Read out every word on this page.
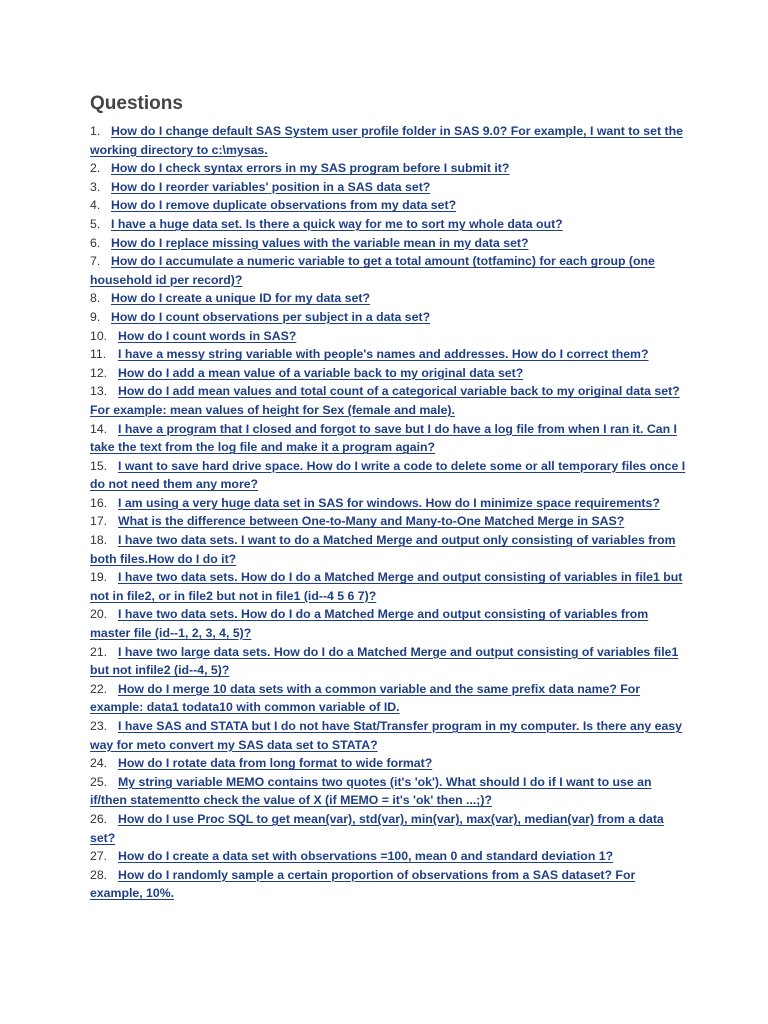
Questions
1. How do I change default SAS System user profile folder in SAS 9.0? For example, I want to set the working directory to c:\mysas.
2. How do I check syntax errors in my SAS program before I submit it?
3. How do I reorder variables' position in a SAS data set?
4. How do I remove duplicate observations from my data set?
5. I have a huge data set. Is there a quick way for me to sort my whole data out?
6. How do I replace missing values with the variable mean in my data set?
7. How do I accumulate a numeric variable to get a total amount (totfaminc) for each group (one household id per record)?
8. How do I create a unique ID for my data set?
9. How do I count observations per subject in a data set?
10. How do I count words in SAS?
11. I have a messy string variable with people's names and addresses. How do I correct them?
12. How do I add a mean value of a variable back to my original data set?
13. How do I add mean values and total count of a categorical variable back to my original data set? For example: mean values of height for Sex (female and male).
14. I have a program that I closed and forgot to save but I do have a log file from when I ran it. Can I take the text from the log file and make it a program again?
15. I want to save hard drive space. How do I write a code to delete some or all temporary files once I do not need them any more?
16. I am using a very huge data set in SAS for windows. How do I minimize space requirements?
17. What is the difference between One-to-Many and Many-to-One Matched Merge in SAS?
18. I have two data sets. I want to do a Matched Merge and output only consisting of variables from both files.How do I do it?
19. I have two data sets. How do I do a Matched Merge and output consisting of variables in file1 but not in file2, or in file2 but not in file1 (id--4 5 6 7)?
20. I have two data sets. How do I do a Matched Merge and output consisting of variables from master file (id--1, 2, 3, 4, 5)?
21. I have two large data sets. How do I do a Matched Merge and output consisting of variables file1 but not infile2 (id--4, 5)?
22. How do I merge 10 data sets with a common variable and the same prefix data name? For example: data1 todata10 with common variable of ID.
23. I have SAS and STATA but I do not have Stat/Transfer program in my computer. Is there any easy way for meto convert my SAS data set to STATA?
24. How do I rotate data from long format to wide format?
25. My string variable MEMO contains two quotes (it's 'ok'). What should I do if I want to use an if/then statementto check the value of X (if MEMO = it's 'ok' then ...;)?
26. How do I use Proc SQL to get mean(var), std(var), min(var), max(var), median(var) from a data set?
27. How do I create a data set with observations =100, mean 0 and standard deviation 1?
28. How do I randomly sample a certain proportion of observations from a SAS dataset? For example, 10%.
